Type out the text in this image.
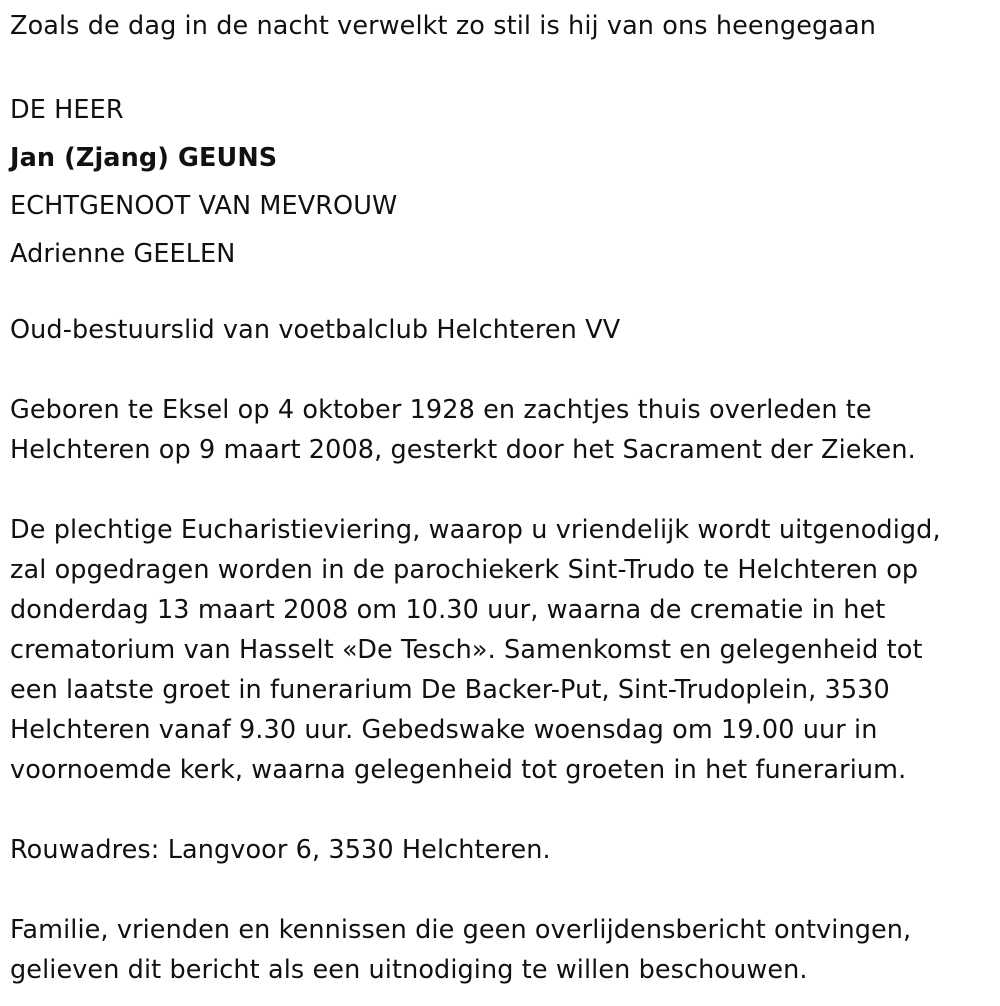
Zoals de dag in de nacht verwelkt zo stil is hij van ons heengegaan
DE HEER
Jan (Zjang) GEUNS
ECHTGENOOT VAN MEVROUW
Adrienne GEELEN
Oud-bestuurslid van voetbalclub Helchteren VV
Geboren te Eksel op 4 oktober 1928 en zachtjes thuis overleden te
Helchteren op 9 maart 2008, gesterkt door het Sacrament der Zieken.
De plechtige Eucharistieviering, waarop u vriendelijk wordt uitgenodigd,
zal opgedragen worden in de parochiekerk Sint-Trudo te Helchteren op
donderdag 13 maart 2008 om 10.30 uur, waarna de crematie in het
crematorium van Hasselt «De Tesch». Samenkomst en gelegenheid tot
een laatste groet in funerarium De Backer-Put, Sint-Trudoplein, 3530
Helchteren vanaf 9.30 uur. Gebedswake woensdag om 19.00 uur in
voornoemde kerk, waarna gelegenheid tot groeten in het funerarium.
Rouwadres: Langvoor 6, 3530 Helchteren.
Familie, vrienden en kennissen die geen overlijdensbericht ontvingen,
gelieven dit bericht als een uitnodiging te willen beschouwen.
